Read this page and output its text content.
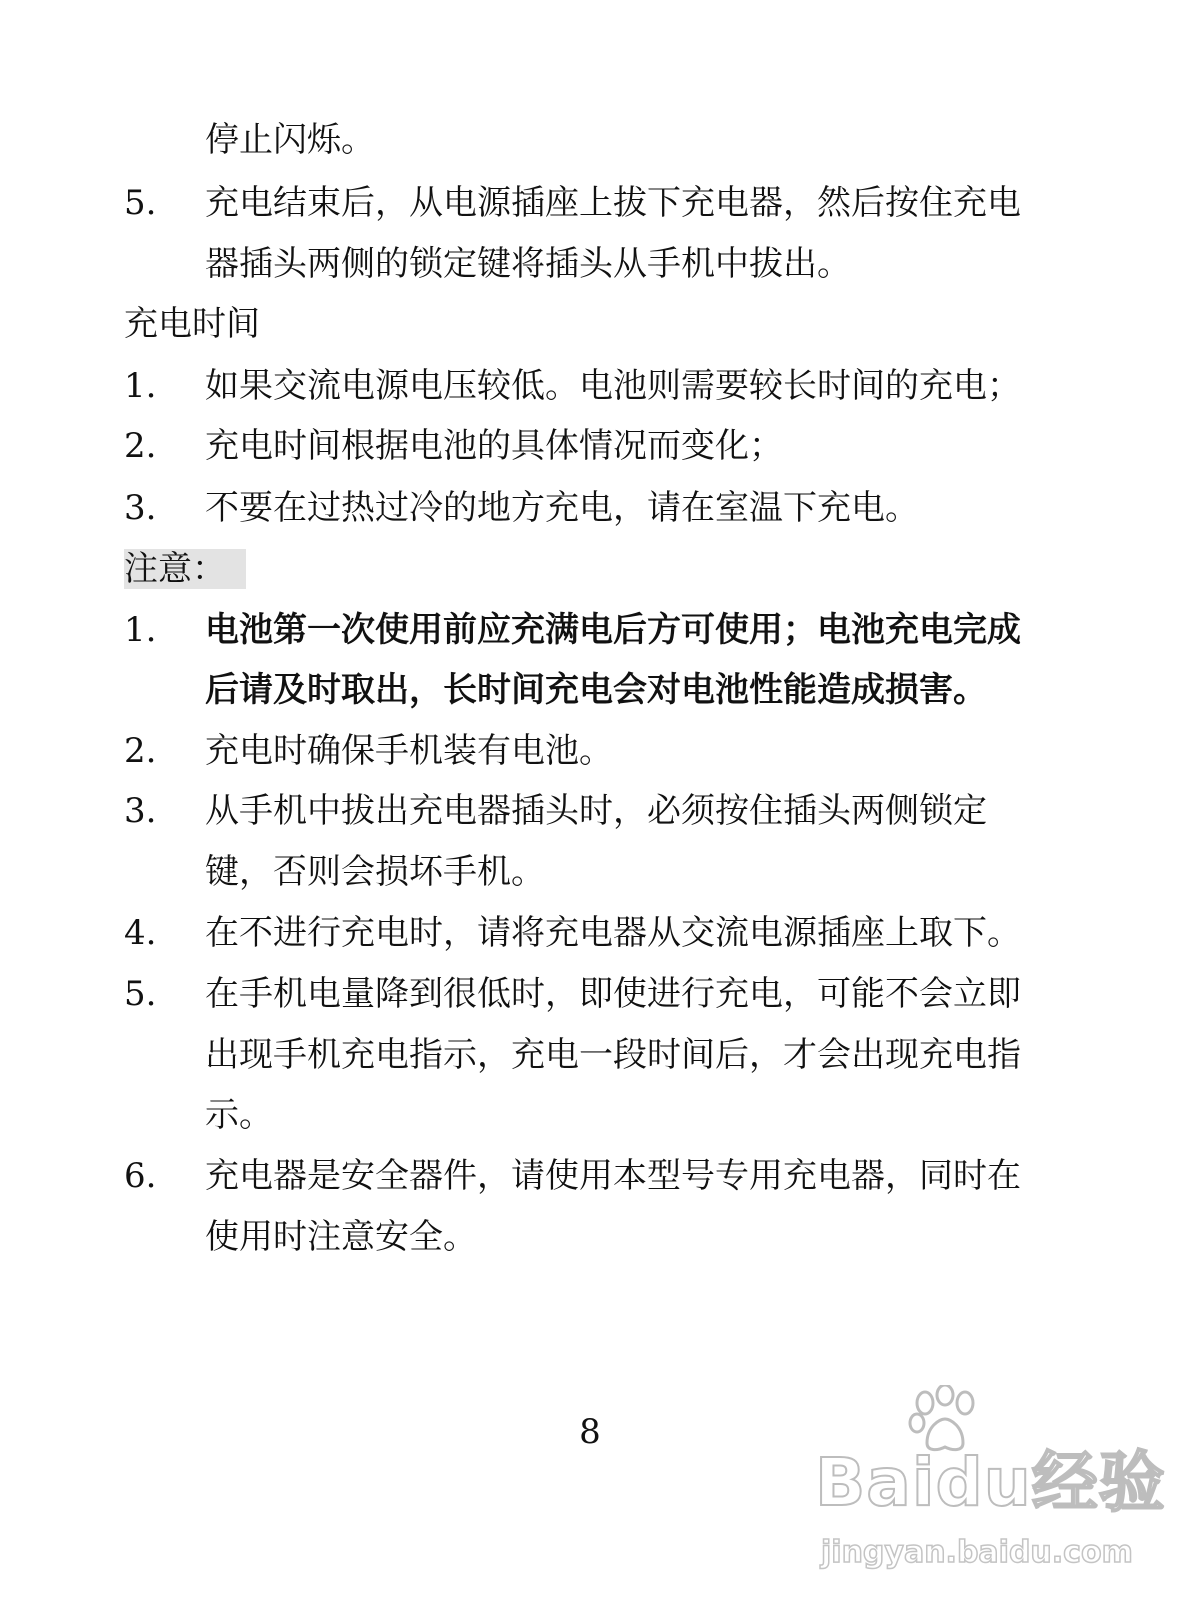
停止闪烁。
5.	充电结束后，从电源插座上拔下充电器，然后按住充电
器插头两侧的锁定键将插头从手机中拔出。
充电时间
1.	如果交流电源电压较低。电池则需要较长时间的充电；
2.	充电时间根据电池的具体情况而变化；
3.	不要在过热过冷的地方充电，请在室温下充电。
注意：
1.	电池第一次使用前应充满电后方可使用；电池充电完成
后请及时取出，长时间充电会对电池性能造成损害。
2.	充电时确保手机装有电池。
3.	从手机中拔出充电器插头时，必须按住插头两侧锁定
键，否则会损坏手机。
4.	在不进行充电时，请将充电器从交流电源插座上取下。
5.	在手机电量降到很低时，即使进行充电，可能不会立即
出现手机充电指示，充电一段时间后，才会出现充电指
示。
6.	充电器是安全器件，请使用本型号专用充电器，同时在
使用时注意安全。
8
Baidu经验
jingyan.baidu.com
